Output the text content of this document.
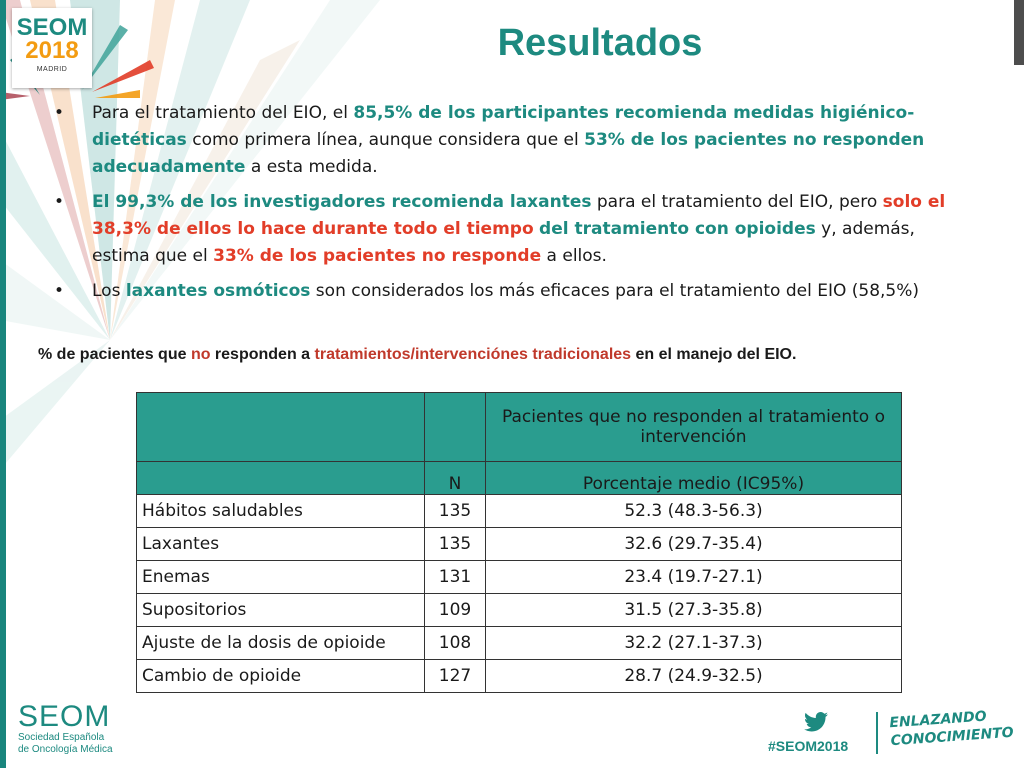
SEOM
2018
MADRID
Resultados
• Para el tratamiento del EIO, el 85,5% de los participantes recomienda medidas higiénico-dietéticas como primera línea, aunque considera que el 53% de los pacientes no responden adecuadamente a esta medida.
• El 99,3% de los investigadores recomienda laxantes para el tratamiento del EIO, pero solo el 38,3% de ellos lo hace durante todo el tiempo del tratamiento con opioides y, además, estima que el 33% de los pacientes no responde a ellos.
• Los laxantes osmóticos son considerados los más eficaces para el tratamiento del EIO (58,5%)
% de pacientes que no responden a tratamientos/intervenciónes tradicionales en el manejo del EIO.
		Pacientes que no responden al tratamiento o intervención
	N	Porcentaje medio (IC95%)
Hábitos saludables	135	52.3 (48.3-56.3)
Laxantes	135	32.6 (29.7-35.4)
Enemas	131	23.4 (19.7-27.1)
Supositorios	109	31.5 (27.3-35.8)
Ajuste de la dosis de opioide	108	32.2 (27.1-37.3)
Cambio de opioide	127	28.7 (24.9-32.5)
SEOM
Sociedad Española
de Oncología Médica	#SEOM2018
ENLAZANDO
CONOCIMIENTO
